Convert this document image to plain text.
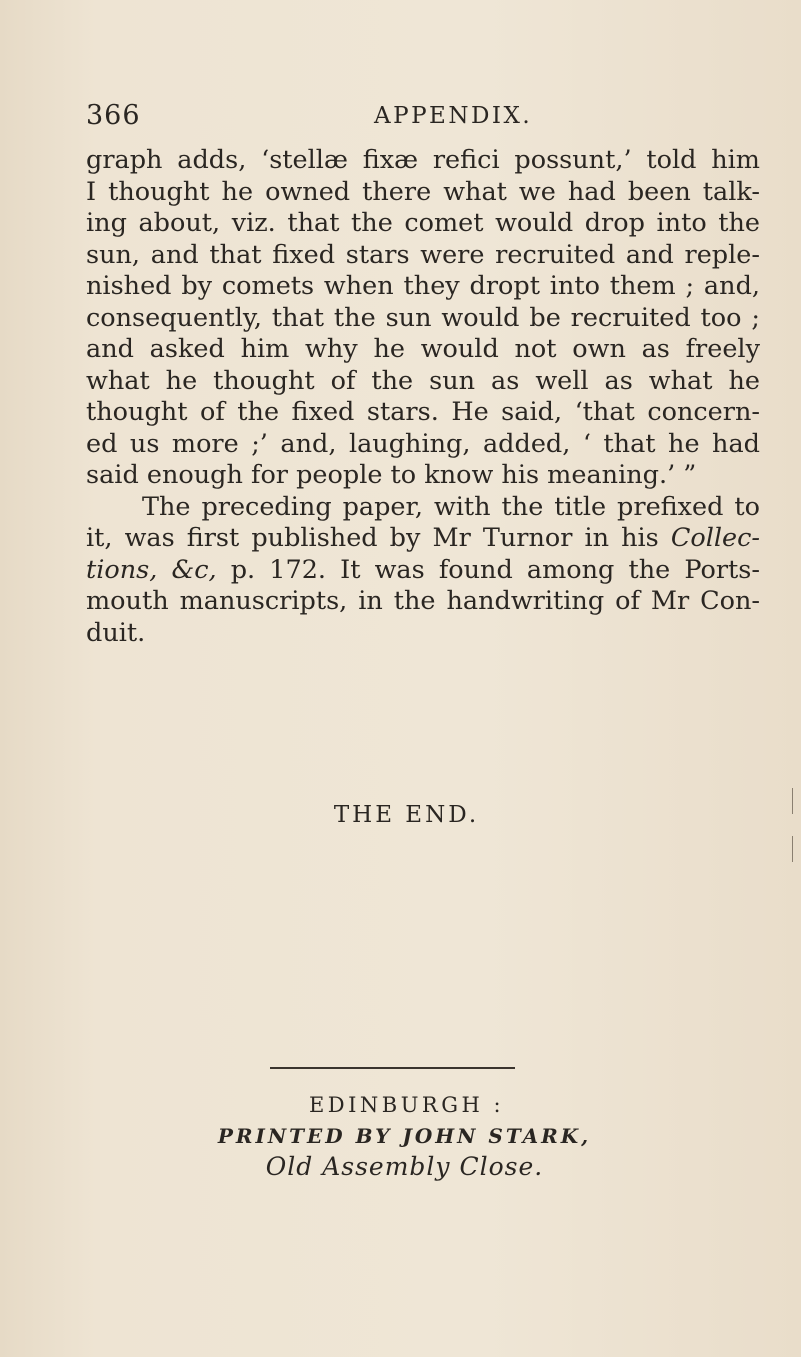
366	APPENDIX.
graph adds, ‘stellæ fixæ refici possunt,’ told him
I thought he owned there what we had been talk-
ing about, viz. that the comet would drop into the
sun, and that fixed stars were recruited and reple-
nished by comets when they dropt into them ; and,
consequently, that the sun would be recruited too ;
and asked him why he would not own as freely
what he thought of the sun as well as what he
thought of the fixed stars. He said, ‘that concern-
ed us more ;’ and, laughing, added, ‘ that he had
said enough for people to know his meaning.’ ”
The preceding paper, with the title prefixed to
it, was first published by Mr Turnor in his Collec-
tions, &c, p. 172. It was found among the Ports-
mouth manuscripts, in the handwriting of Mr Con-
duit.
THE END.
EDINBURGH :
PRINTED BY JOHN STARK,
Old Assembly Close.
